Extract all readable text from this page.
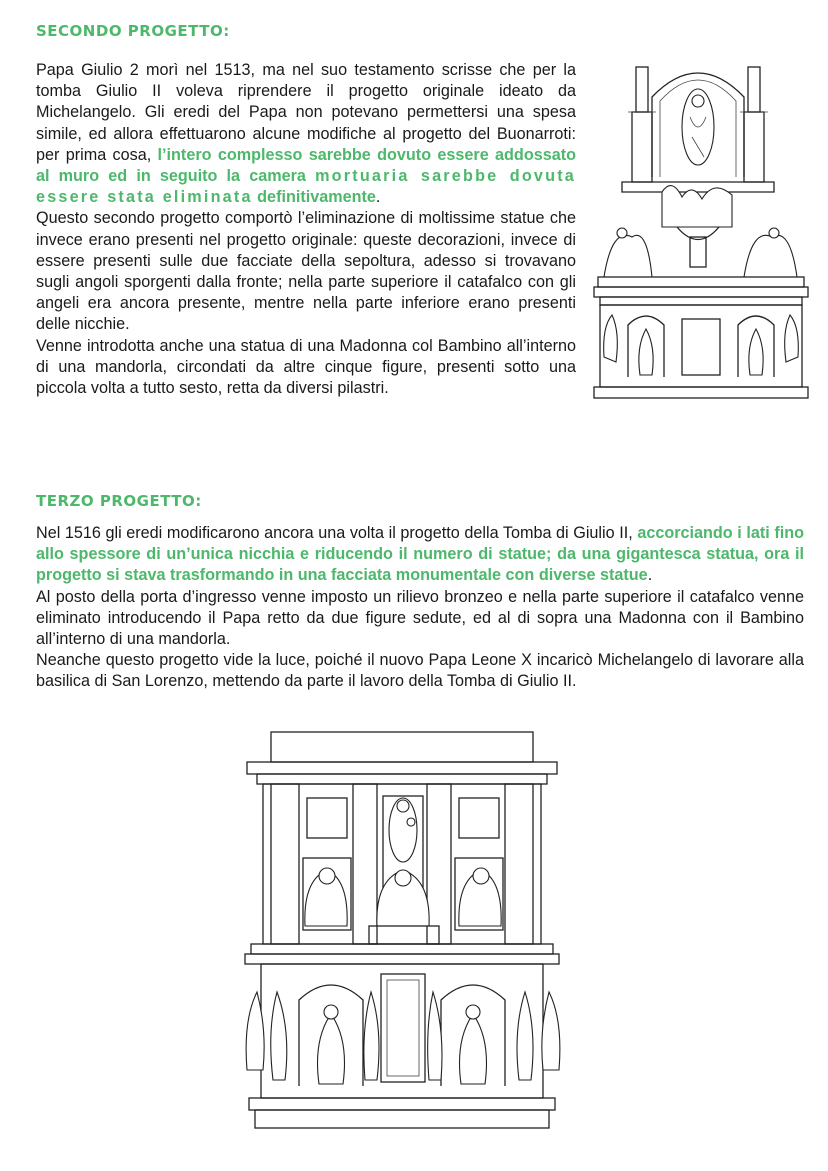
SECONDO PROGETTO:

Papa Giulio 2 morì nel 1513, ma nel suo testamento scrisse che per la tomba Giulio II voleva riprendere il progetto originale ideato da Michelangelo. Gli eredi del Papa non potevano permettersi una spesa simile, ed allora effettuarono alcune modifiche al progetto del Buonarroti: per prima cosa, l’intero complesso sarebbe dovuto essere addossato al muro ed in seguito la camera mortuaria sarebbe dovuta essere stata eliminata definitivamente.

Questo secondo progetto comportò l’eliminazione di moltissime statue che invece erano presenti nel progetto originale: queste decorazioni, invece di essere presenti sulle due facciate della sepoltura, adesso si trovavano sugli angoli sporgenti dalla fronte; nella parte superiore il catafalco con gli angeli era ancora presente, mentre nella parte inferiore erano presenti delle nicchie.

Venne introdotta anche una statua di una Madonna col Bambino all’interno di una mandorla, circondati da altre cinque figure, presenti sotto una piccola volta a tutto sesto, retta da diversi pilastri.

TERZO PROGETTO:

Nel 1516 gli eredi modificarono ancora una volta il progetto della Tomba di Giulio II, accorciando i lati fino allo spessore di un’unica nicchia e riducendo il numero di statue; da una gigantesca statua, ora il progetto si stava trasformando in una facciata monumentale con diverse statue.

Al posto della porta d’ingresso venne imposto un rilievo bronzeo e nella parte superiore il catafalco venne eliminato introducendo il Papa retto da due figure sedute, ed al di sopra una Madonna con il Bambino all’interno di una mandorla.

Neanche questo progetto vide la luce, poiché il nuovo Papa Leone X incaricò Michelangelo di lavorare alla basilica di San Lorenzo, mettendo da parte il lavoro della Tomba di Giulio II.
